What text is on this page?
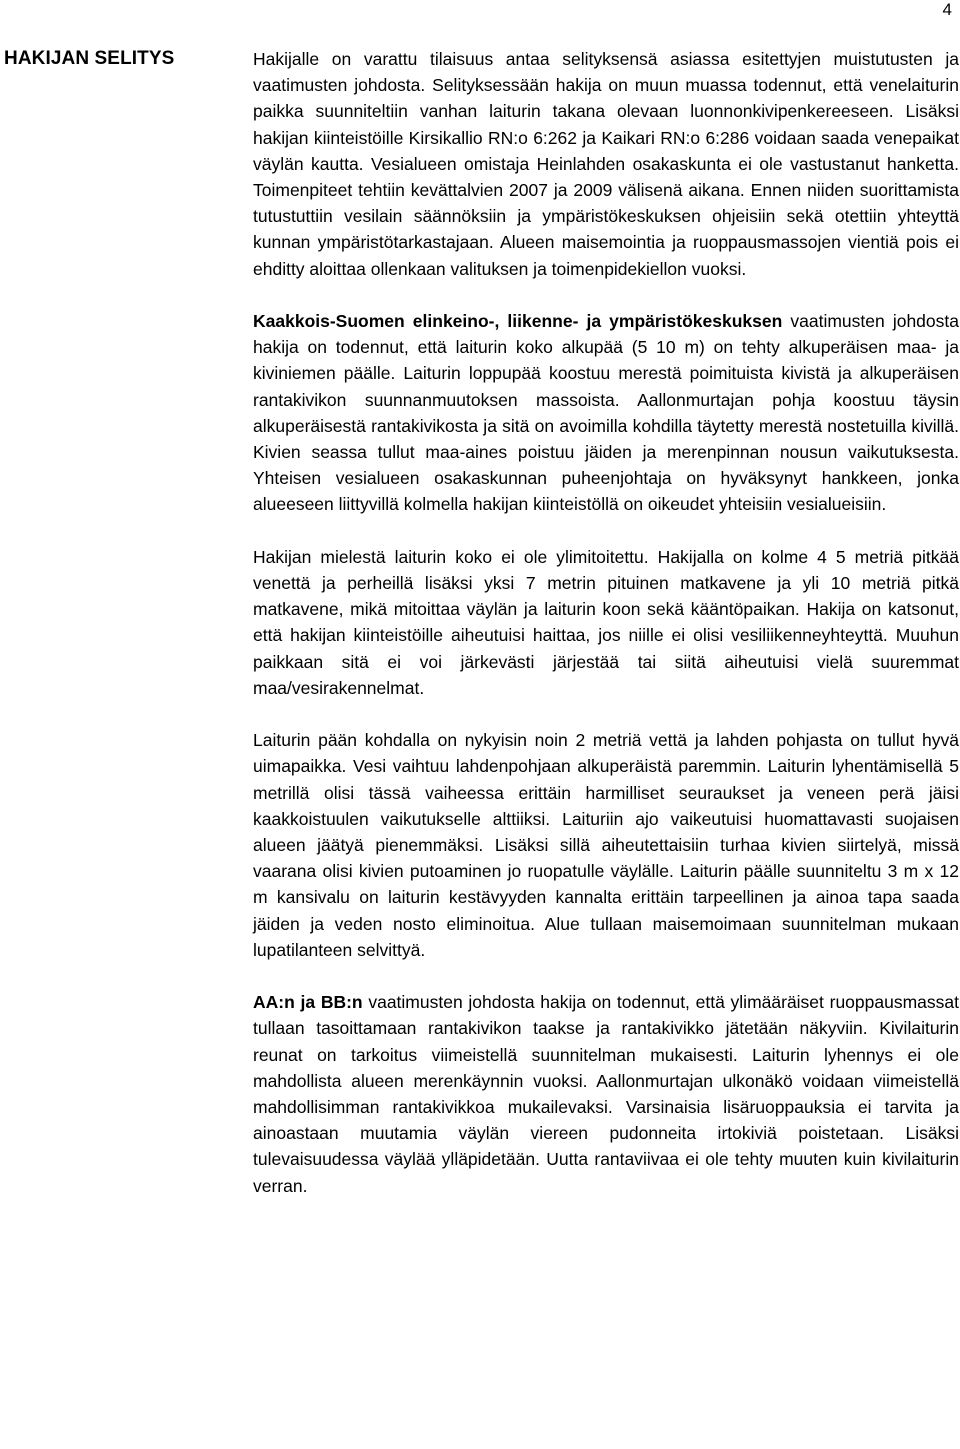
4
HAKIJAN SELITYS	Hakijalle on varattu tilaisuus antaa selityksensä asiassa esitettyjen muistutusten ja vaatimusten johdosta. Selityksessään hakija on muun muassa todennut, että venelaiturin paikka suunniteltiin vanhan laiturin takana olevaan luonnonkivipenkereeseen. Lisäksi hakijan kiinteistöille Kirsikallio RN:o 6:262 ja Kaikari RN:o 6:286 voidaan saada venepaikat väylän kautta. Vesialueen omistaja Heinlahden osakaskunta ei ole vastustanut hanketta. Toimenpiteet tehtiin kevättalvien 2007 ja 2009 välisenä aikana. Ennen niiden suorittamista tutustuttiin vesilain säännöksiin ja ympäristökeskuksen ohjeisiin sekä otettiin yhteyttä kunnan ympäristötarkastajaan. Alueen maisemointia ja ruoppausmassojen vientiä pois ei ehditty aloittaa ollenkaan valituksen ja toimenpidekiellon vuoksi.

Kaakkois-Suomen elinkeino-, liikenne- ja ympäristökeskuksen vaatimusten johdosta hakija on todennut, että laiturin koko alkupää (5 10 m) on tehty alkuperäisen maa- ja kiviniemen päälle. Laiturin loppupää koostuu merestä poimituista kivistä ja alkuperäisen rantakivikon suunnanmuutoksen massoista. Aallonmurtajan pohja koostuu täysin alkuperäisestä rantakivikosta ja sitä on avoimilla kohdilla täytetty merestä nostetuilla kivillä. Kivien seassa tullut maa-aines poistuu jäiden ja merenpinnan nousun vaikutuksesta. Yhteisen vesialueen osakaskunnan puheenjohtaja on hyväksynyt hankkeen, jonka alueeseen liittyvillä kolmella hakijan kiinteistöllä on oikeudet yhteisiin vesialueisiin.

Hakijan mielestä laiturin koko ei ole ylimitoitettu. Hakijalla on kolme 4 5 metriä pitkää venettä ja perheillä lisäksi yksi 7 metrin pituinen matkavene ja yli 10 metriä pitkä matkavene, mikä mitoittaa väylän ja laiturin koon sekä kääntöpaikan. Hakija on katsonut, että hakijan kiinteistöille aiheutuisi haittaa, jos niille ei olisi vesiliikenneyhteyttä. Muuhun paikkaan sitä ei voi järkevästi järjestää tai siitä aiheutuisi vielä suuremmat maa/vesirakennelmat.

Laiturin pään kohdalla on nykyisin noin 2 metriä vettä ja lahden pohjasta on tullut hyvä uimapaikka. Vesi vaihtuu lahdenpohjaan alkuperäistä paremmin. Laiturin lyhentämisellä 5 metrillä olisi tässä vaiheessa erittäin harmilliset seuraukset ja veneen perä jäisi kaakkoistuulen vaikutukselle alttiiksi. Laituriin ajo vaikeutuisi huomattavasti suojaisen alueen jäätyä pienemmäksi. Lisäksi sillä aiheutettaisiin turhaa kivien siirtelyä, missä vaarana olisi kivien putoaminen jo ruopatulle väylälle. Laiturin päälle suunniteltu 3 m x 12 m kansivalu on laiturin kestävyyden kannalta erittäin tarpeellinen ja ainoa tapa saada jäiden ja veden nosto eliminoitua. Alue tullaan maisemoimaan suunnitelman mukaan lupatilanteen selvittyä.

AA:n ja BB:n vaatimusten johdosta hakija on todennut, että ylimääräiset ruoppausmassat tullaan tasoittamaan rantakivikon taakse ja rantakivikko jätetään näkyviin. Kivilaiturin reunat on tarkoitus viimeistellä suunnitelman mukaisesti. Laiturin lyhennys ei ole mahdollista alueen merenkäynnin vuoksi. Aallonmurtajan ulkonäkö voidaan viimeistellä mahdollisimman rantakivikkoa mukailevaksi. Varsinaisia lisäruoppauksia ei tarvita ja ainoastaan muutamia väylän viereen pudonneita irtokiviä poistetaan. Lisäksi tulevaisuudessa väylää ylläpidetään. Uutta rantaviivaa ei ole tehty muuten kuin kivilaiturin verran.
